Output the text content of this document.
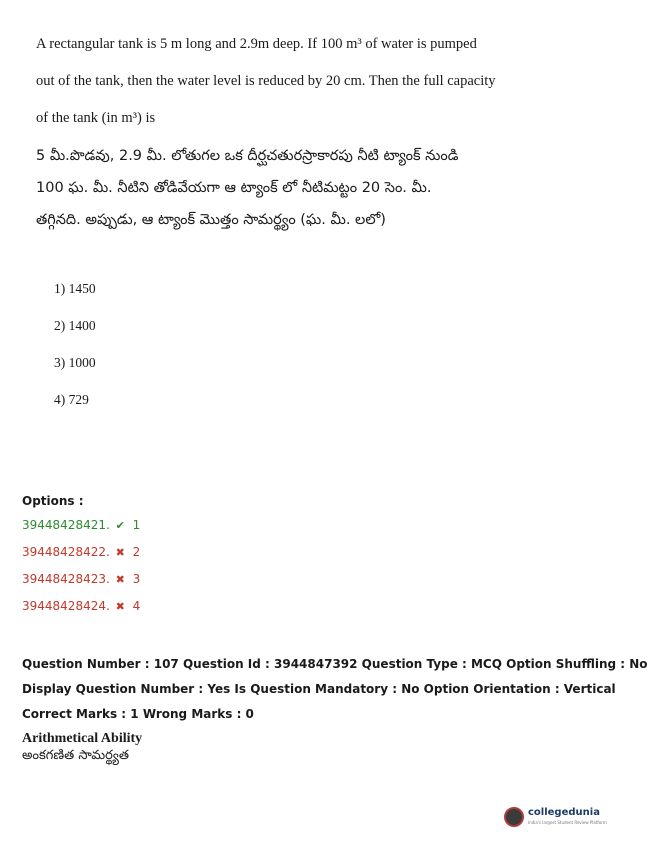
A rectangular tank is 5 m long and 2.9m deep. If 100 m³ of water is pumped
out of the tank, then the water level is reduced by 20 cm. Then the full capacity
of the tank (in m³) is
5 మీ.పొడవు, 2.9 మీ. లోతుగల ఒక దీర్ఘచతురస్రాకారపు నీటి ట్యాంక్ నుండి
100 ఘ. మీ. నీటిని తోడివేయగా ఆ ట్యాంక్ లో నీటిమట్టం 20 సెం. మీ.
తగ్గినది. అప్పుడు, ఆ ట్యాంక్ మొత్తం సామర్థ్యం (ఘ. మీ. లలో)
1) 1450
2) 1400
3) 1000
4) 729
Options :
39448428421. ✔ 1
39448428422. ✖ 2
39448428423. ✖ 3
39448428424. ✖ 4
Question Number : 107 Question Id : 3944847392 Question Type : MCQ Option Shuffling : No
Display Question Number : Yes Is Question Mandatory : No Option Orientation : Vertical
Correct Marks : 1 Wrong Marks : 0
Arithmetical Ability
అంకగణిత సామర్థ్యత
collegedunia
India's largest Student Review Platform
